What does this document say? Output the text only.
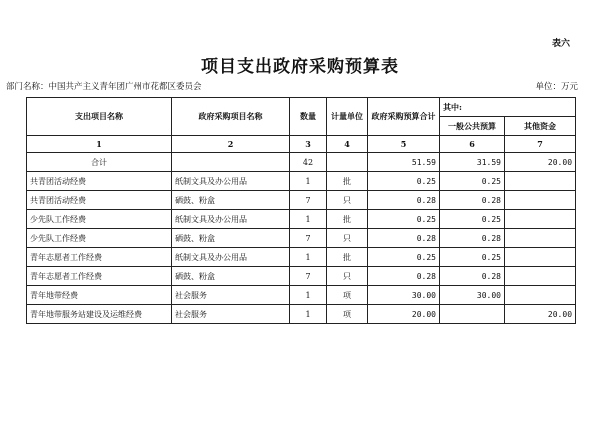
表六
项目支出政府采购预算表
部门名称：中国共产主义青年团广州市花都区委员会	单位：万元
支出项目名称	政府采购项目名称	数量	计量单位	政府采购预算合计	其中:	
					一般公共预算	其他资金
1	2	3	4	5	6	7
合计		42		51.59	31.59	20.00
共青团活动经费	纸制文具及办公用品	1	批	0.25	0.25	
共青团活动经费	硒鼓、粉盒	7	只	0.28	0.28	
少先队工作经费	纸制文具及办公用品	1	批	0.25	0.25	
少先队工作经费	硒鼓、粉盒	7	只	0.28	0.28	
青年志愿者工作经费	纸制文具及办公用品	1	批	0.25	0.25	
青年志愿者工作经费	硒鼓、粉盒	7	只	0.28	0.28	
青年地带经费	社会服务	1	项	30.00	30.00	
青年地带服务站建设及运维经费	社会服务	1	项	20.00		20.00
